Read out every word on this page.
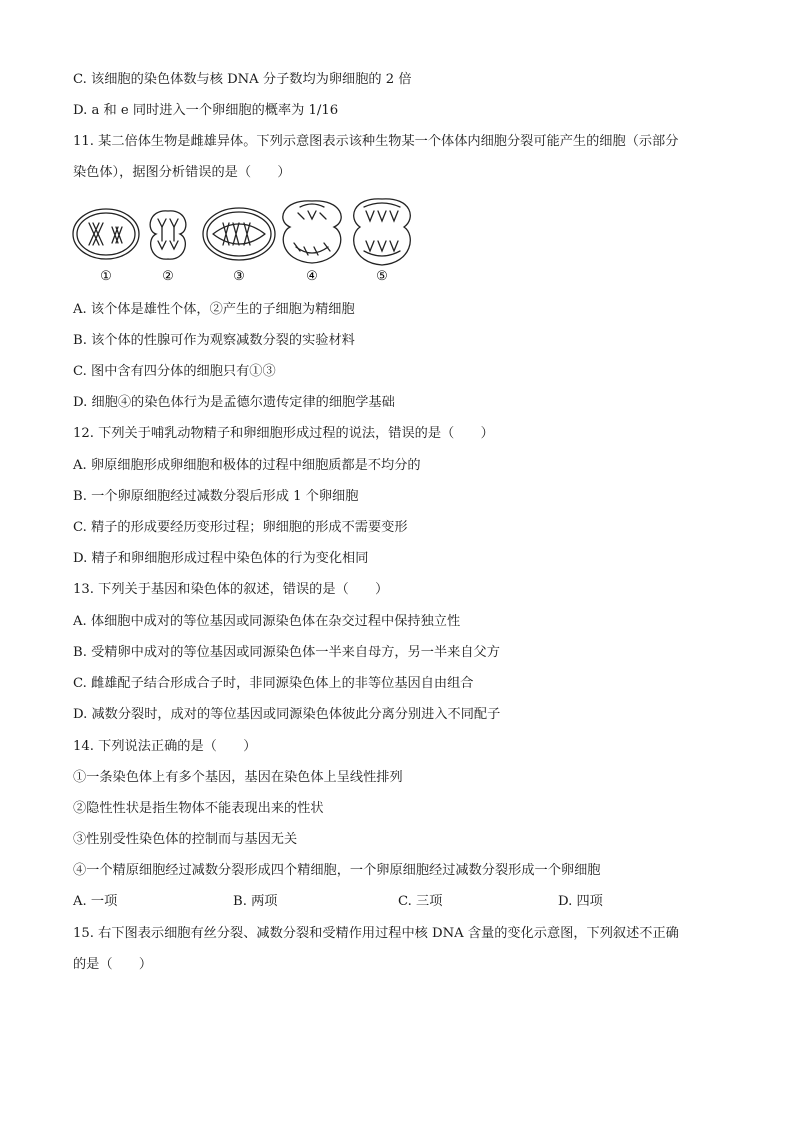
C. 该细胞的染色体数与核 DNA 分子数均为卵细胞的 2 倍
D. a 和 e 同时进入一个卵细胞的概率为 1/16
11. 某二倍体生物是雌雄异体。下列示意图表示该种生物某一个体体内细胞分裂可能产生的细胞（示部分
染色体），据图分析错误的是（　　）
①	②	③	④	⑤
A. 该个体是雄性个体，②产生的子细胞为精细胞
B. 该个体的性腺可作为观察减数分裂的实验材料
C. 图中含有四分体的细胞只有①③
D. 细胞④的染色体行为是孟德尔遗传定律的细胞学基础
12. 下列关于哺乳动物精子和卵细胞形成过程的说法，错误的是（　　）
A. 卵原细胞形成卵细胞和极体的过程中细胞质都是不均分的
B. 一个卵原细胞经过减数分裂后形成 1 个卵细胞
C. 精子的形成要经历变形过程；卵细胞的形成不需要变形
D. 精子和卵细胞形成过程中染色体的行为变化相同
13. 下列关于基因和染色体的叙述，错误的是（　　）
A. 体细胞中成对的等位基因或同源染色体在杂交过程中保持独立性
B. 受精卵中成对的等位基因或同源染色体一半来自母方，另一半来自父方
C. 雌雄配子结合形成合子时，非同源染色体上的非等位基因自由组合
D. 减数分裂时，成对的等位基因或同源染色体彼此分离分别进入不同配子
14. 下列说法正确的是（　　）
①一条染色体上有多个基因，基因在染色体上呈线性排列
②隐性性状是指生物体不能表现出来的性状
③性别受性染色体的控制而与基因无关
④一个精原细胞经过减数分裂形成四个精细胞，一个卵原细胞经过减数分裂形成一个卵细胞
A. 一项	B. 两项	C. 三项	D. 四项
15. 右下图表示细胞有丝分裂、减数分裂和受精作用过程中核 DNA 含量的变化示意图，下列叙述不正确
的是（　　）
